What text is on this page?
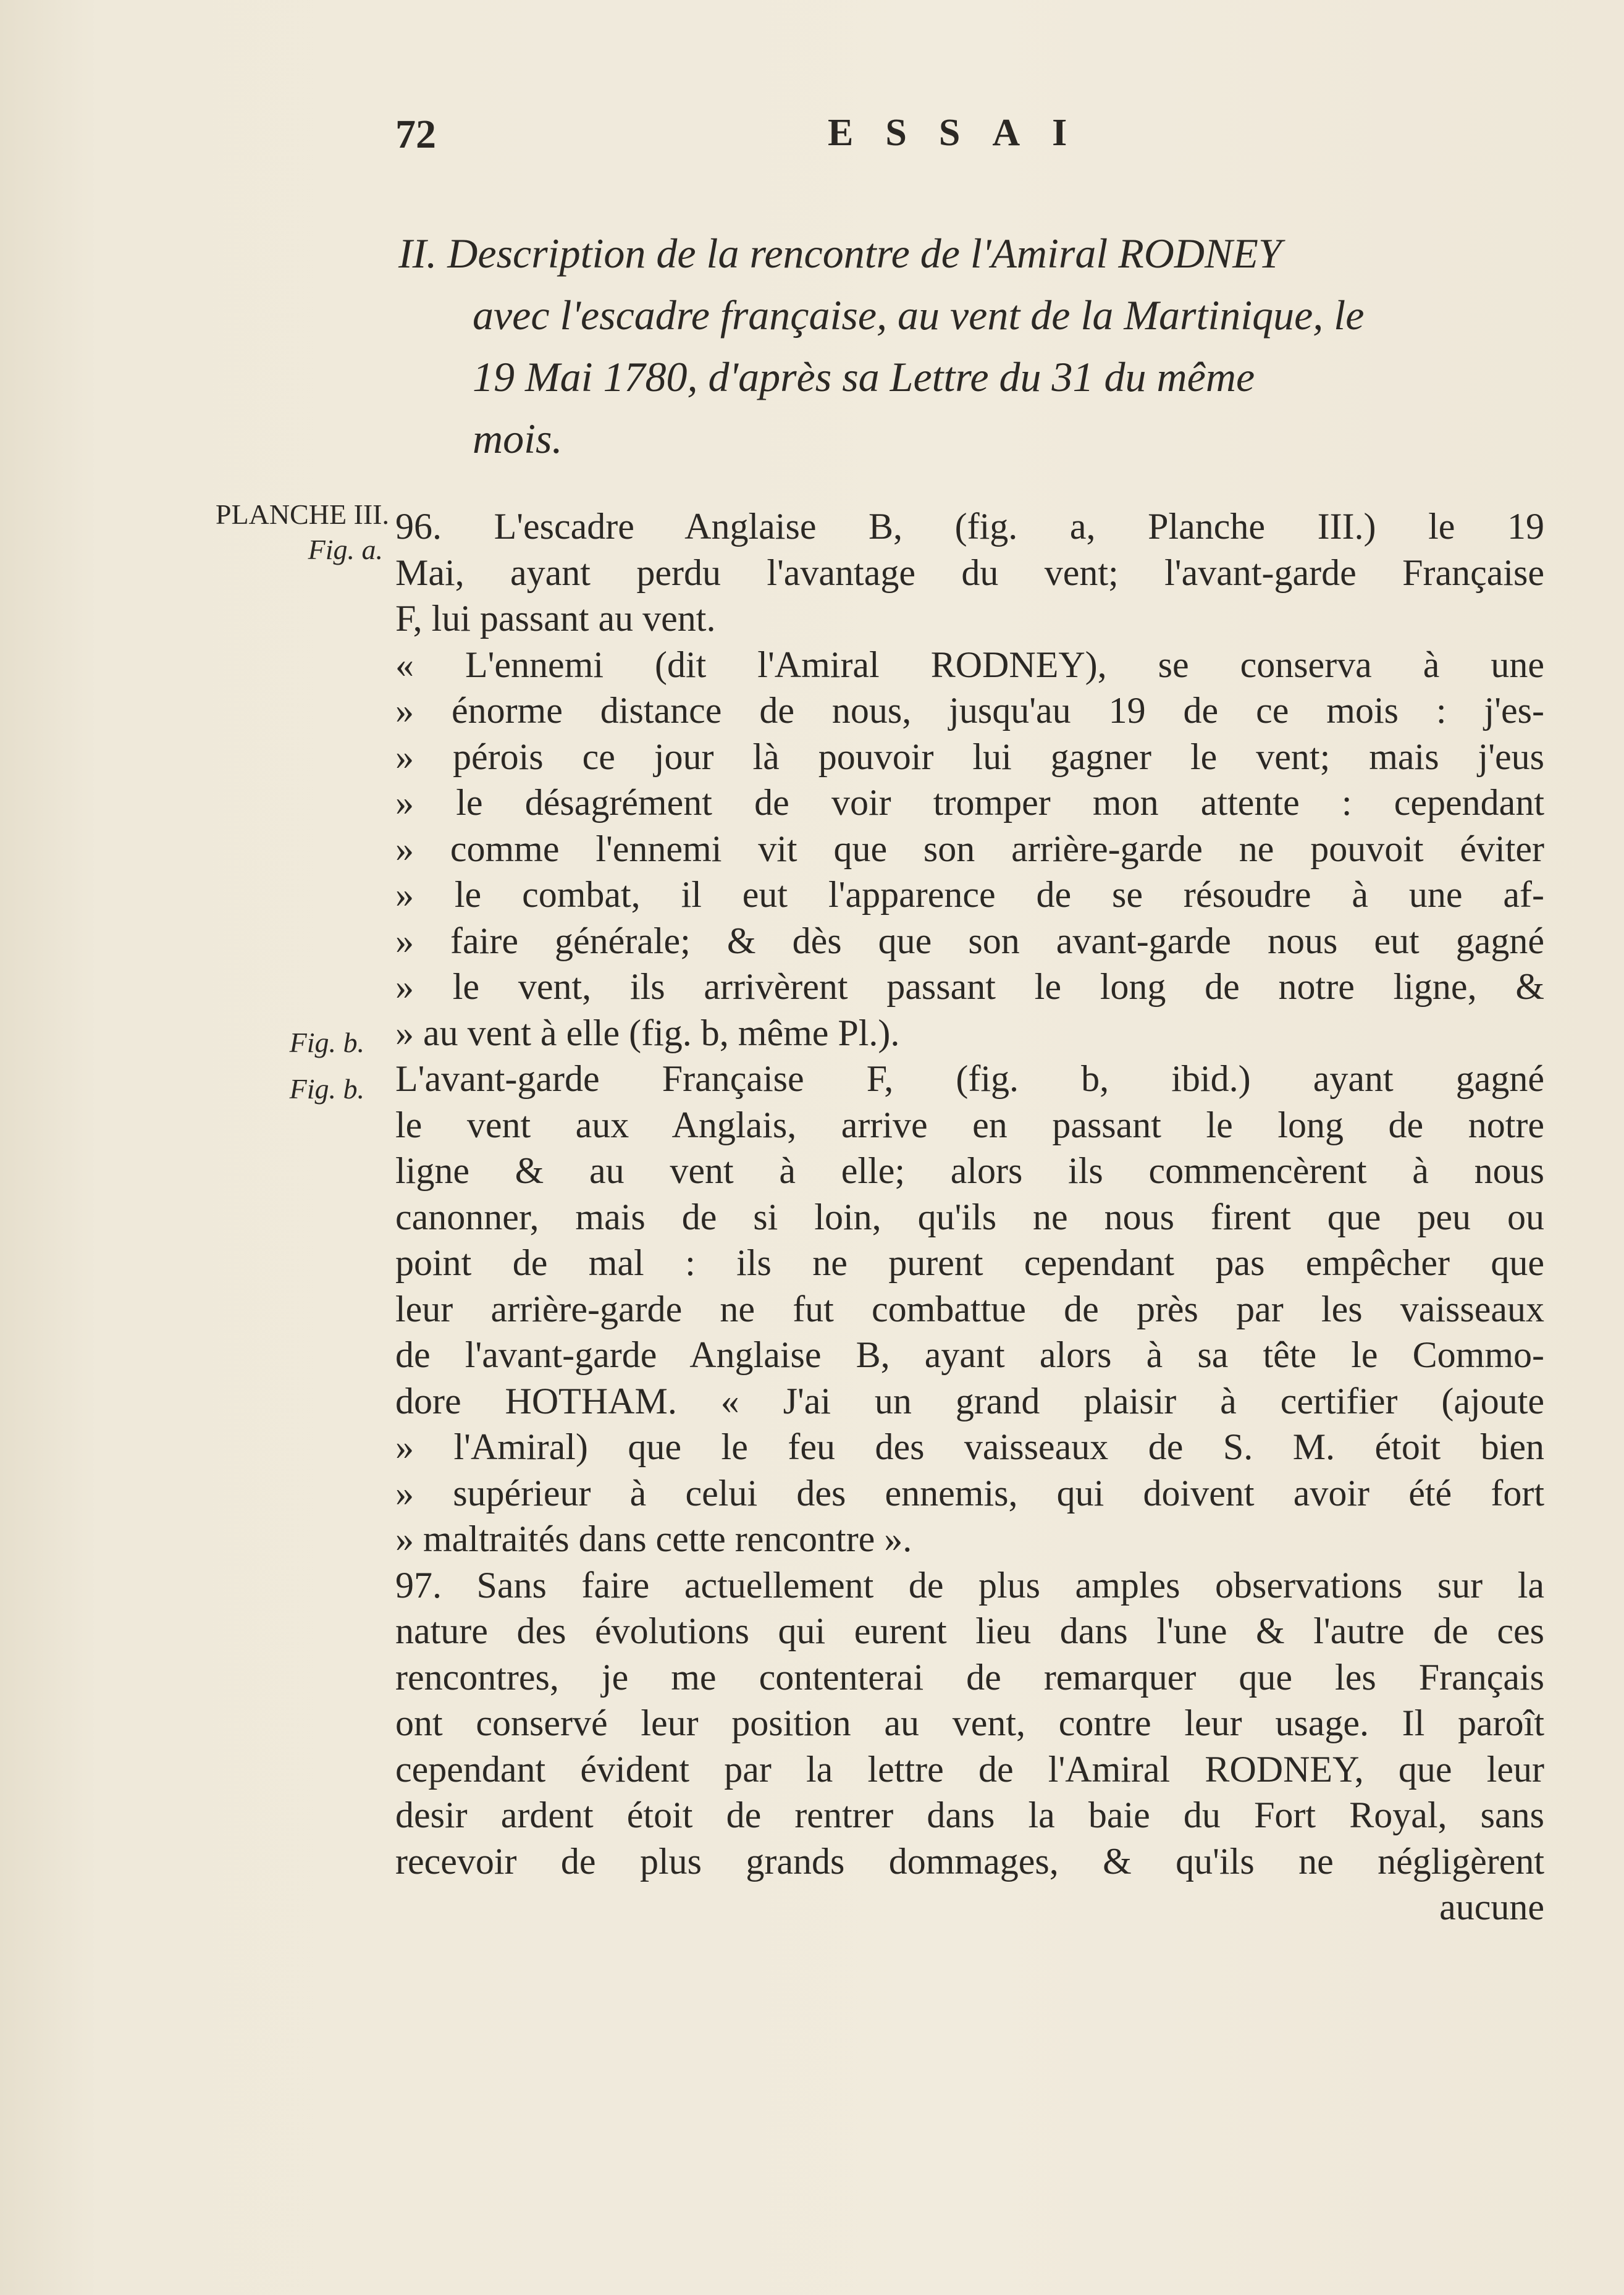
72	ESSAI
II. Description de la rencontre de l'Amiral RODNEY
avec l'escadre française, au vent de la Martinique, le
19 Mai 1780, d'après sa Lettre du 31 du même
mois.
PLANCHE III.
Fig. a.
Fig. b.
Fig. b.
96. L'escadre Anglaise B, (fig. a, Planche III.) le 19
Mai, ayant perdu l'avantage du vent; l'avant-garde Française
F, lui passant au vent.
« L'ennemi (dit l'Amiral RODNEY), se conserva à une
» énorme distance de nous, jusqu'au 19 de ce mois : j'es-
» pérois ce jour là pouvoir lui gagner le vent; mais j'eus
» le désagrément de voir tromper mon attente : cependant
» comme l'ennemi vit que son arrière-garde ne pouvoit éviter
» le combat, il eut l'apparence de se résoudre à une af-
» faire générale; & dès que son avant-garde nous eut gagné
» le vent, ils arrivèrent passant le long de notre ligne, &
» au vent à elle (fig. b, même Pl.).
L'avant-garde Française F, (fig. b, ibid.) ayant gagné
le vent aux Anglais, arrive en passant le long de notre
ligne & au vent à elle; alors ils commencèrent à nous
canonner, mais de si loin, qu'ils ne nous firent que peu ou
point de mal : ils ne purent cependant pas empêcher que
leur arrière-garde ne fut combattue de près par les vaisseaux
de l'avant-garde Anglaise B, ayant alors à sa tête le Commo-
dore HOTHAM. « J'ai un grand plaisir à certifier (ajoute
» l'Amiral) que le feu des vaisseaux de S. M. étoit bien
» supérieur à celui des ennemis, qui doivent avoir été fort
» maltraités dans cette rencontre ».
97. Sans faire actuellement de plus amples observations sur la
nature des évolutions qui eurent lieu dans l'une & l'autre de ces
rencontres, je me contenterai de remarquer que les Français
ont conservé leur position au vent, contre leur usage. Il paroît
cependant évident par la lettre de l'Amiral RODNEY, que leur
desir ardent étoit de rentrer dans la baie du Fort Royal, sans
recevoir de plus grands dommages, & qu'ils ne négligèrent
aucune
